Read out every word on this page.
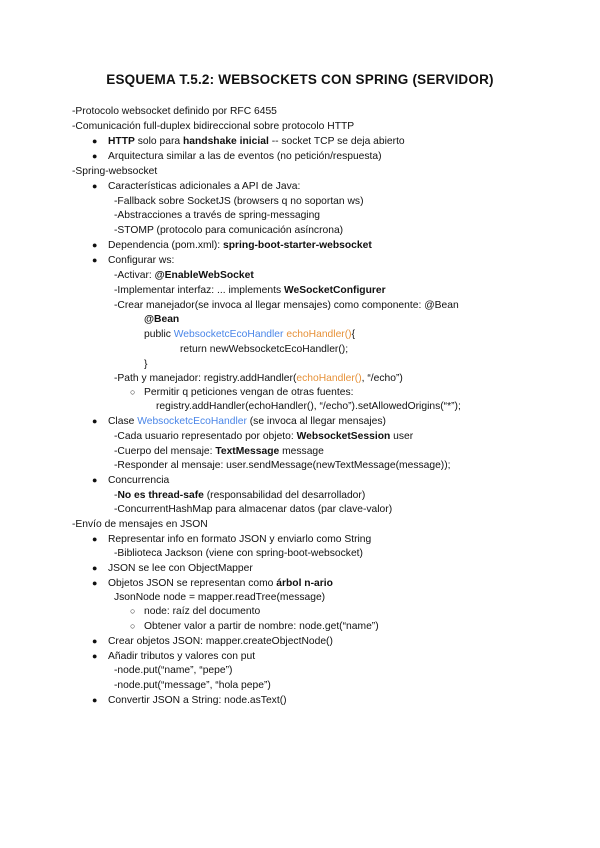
ESQUEMA T.5.2: WEBSOCKETS CON SPRING (SERVIDOR)
-Protocolo websocket definido por RFC 6455
-Comunicación full-duplex bidireccional sobre protocolo HTTP
● HTTP solo para handshake inicial -- socket TCP se deja abierto
● Arquitectura similar a las de eventos (no petición/respuesta)
-Spring-websocket
● Características adicionales a API de Java:
-Fallback sobre SocketJS (browsers q no soportan ws)
-Abstracciones a través de spring-messaging
-STOMP (protocolo para comunicación asíncrona)
● Dependencia (pom.xml): spring-boot-starter-websocket
● Configurar ws:
-Activar: @EnableWebSocket
-Implementar interfaz: ... implements WeSocketConfigurer
-Crear manejador(se invoca al llegar mensajes) como componente: @Bean
@Bean
public WebsocketcEcoHandler echoHandler(){
return newWebsocketcEcoHandler();
}
-Path y manejador: registry.addHandler(echoHandler(), “/echo”)
○ Permitir q peticiones vengan de otras fuentes:
registry.addHandler(echoHandler(), “/echo”).setAllowedOrigins(“*”);
● Clase WebsocketcEcoHandler (se invoca al llegar mensajes)
-Cada usuario representado por objeto: WebsocketSession user
-Cuerpo del mensaje: TextMessage message
-Responder al mensaje: user.sendMessage(newTextMessage(message));
● Concurrencia
-No es thread-safe (responsabilidad del desarrollador)
-ConcurrentHashMap para almacenar datos (par clave-valor)
-Envío de mensajes en JSON
● Representar info en formato JSON y enviarlo como String
-Biblioteca Jackson (viene con spring-boot-websocket)
● JSON se lee con ObjectMapper
● Objetos JSON se representan como árbol n-ario
JsonNode node = mapper.readTree(message)
○ node: raíz del documento
○ Obtener valor a partir de nombre: node.get(“name”)
● Crear objetos JSON: mapper.createObjectNode()
● Añadir tributos y valores con put
-node.put(“name”, “pepe”)
-node.put(“message”, “hola pepe”)
● Convertir JSON a String: node.asText()
